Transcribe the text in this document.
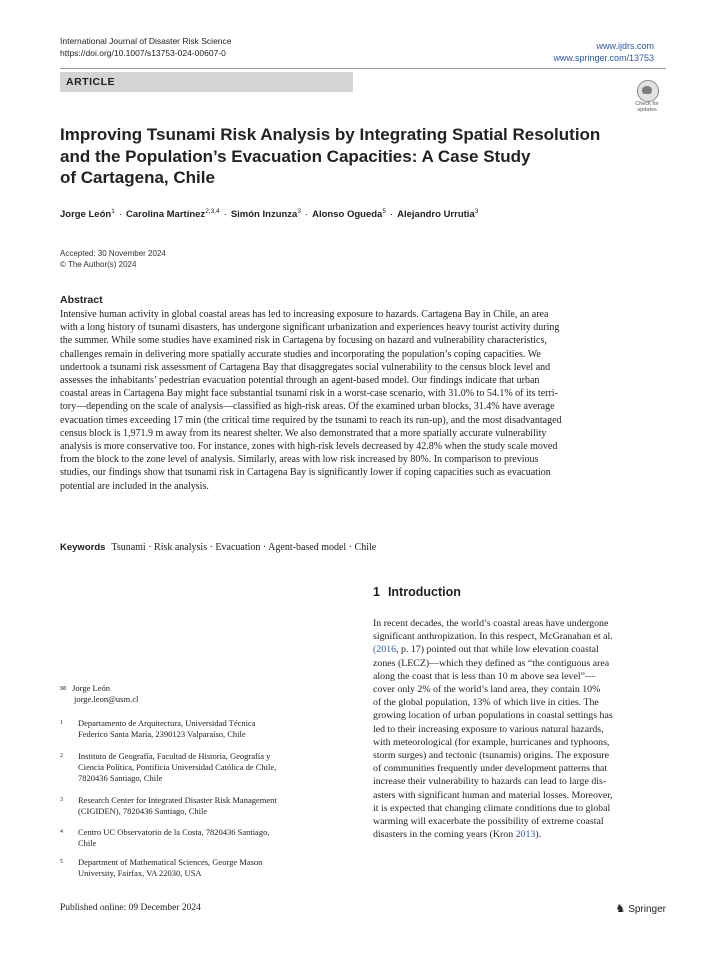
International Journal of Disaster Risk Science
https://doi.org/10.1007/s13753-024-00607-0
www.ijdrs.com
www.springer.com/13753
ARTICLE
Check for
updates
Improving Tsunami Risk Analysis by Integrating Spatial Resolution
and the Population’s Evacuation Capacities: A Case Study
of Cartagena, Chile
Jorge León$^1$ · Carolina Martínez$^{2,3,4}$ · Simón Inzunza$^3$ · Alonso Ogueda$^5$ · Alejandro Urrutia$^3$
Accepted: 30 November 2024
© The Author(s) 2024
Abstract
Intensive human activity in global coastal areas has led to increasing exposure to hazards. Cartagena Bay in Chile, an area
with a long history of tsunami disasters, has undergone significant urbanization and experiences heavy tourist activity during
the summer. While some studies have examined risk in Cartagena by focusing on hazard and vulnerability characteristics,
challenges remain in delivering more spatially accurate studies and incorporating the population’s coping capacities. We
undertook a tsunami risk assessment of Cartagena Bay that disaggregates social vulnerability to the census block level and
assesses the inhabitants’ pedestrian evacuation potential through an agent-based model. Our findings indicate that urban
coastal areas in Cartagena Bay might face substantial tsunami risk in a worst-case scenario, with 31.0% to 54.1% of its terri-
tory—depending on the scale of analysis—classified as high-risk areas. Of the examined urban blocks, 31.4% have average
evacuation times exceeding 17 min (the critical time required by the tsunami to reach its run-up), and the most disadvantaged
census block is 1,971.9 m away from its nearest shelter. We also demonstrated that a more spatially accurate vulnerability
analysis is more conservative too. For instance, zones with high-risk levels decreased by 42.8% when the study scale moved
from the block to the zone level of analysis. Similarly, areas with low risk increased by 80%. In comparison to previous
studies, our findings show that tsunami risk in Cartagena Bay is significantly lower if coping capacities such as evacuation
potential are included in the analysis.
Keywords Tsunami · Risk analysis · Evacuation · Agent-based model · Chile
1 Introduction
In recent decades, the world’s coastal areas have undergone
significant anthropization. In this respect, McGranahan et al.
(2016, p. 17) pointed out that while low elevation coastal
zones (LECZ)—which they defined as “the contiguous area
along the coast that is less than 10 m above sea level”—
cover only 2% of the world’s land area, they contain 10%
of the global population, 13% of which live in cities. The
growing location of urban populations in coastal settings has
led to their increasing exposure to various natural hazards,
with meteorological (for example, hurricanes and typhoons,
storm surges) and tectonic (tsunamis) origins. The exposure
of communities frequently under development patterns that
increase their vulnerability to hazards can lead to large dis-
asters with significant human and material losses. Moreover,
it is expected that changing climate conditions due to global
warming will exacerbate the possibility of extreme coastal
disasters in the coming years (Kron 2013).
✉ Jorge León
jorge.leon@usm.cl
1 Departamento de Arquitectura, Universidad Técnica
Federico Santa María, 2390123 Valparaíso, Chile
2 Instituto de Geografía, Facultad de Historia, Geografía y
Ciencia Política, Pontificia Universidad Católica de Chile,
7820436 Santiago, Chile
3 Research Center for Integrated Disaster Risk Management
(CIGIDEN), 7820436 Santiago, Chile
4 Centro UC Observatorio de la Costa, 7820436 Santiago,
Chile
5 Department of Mathematical Sciences, George Mason
University, Fairfax, VA 22030, USA
Published online: 09 December 2024	♞ Springer
